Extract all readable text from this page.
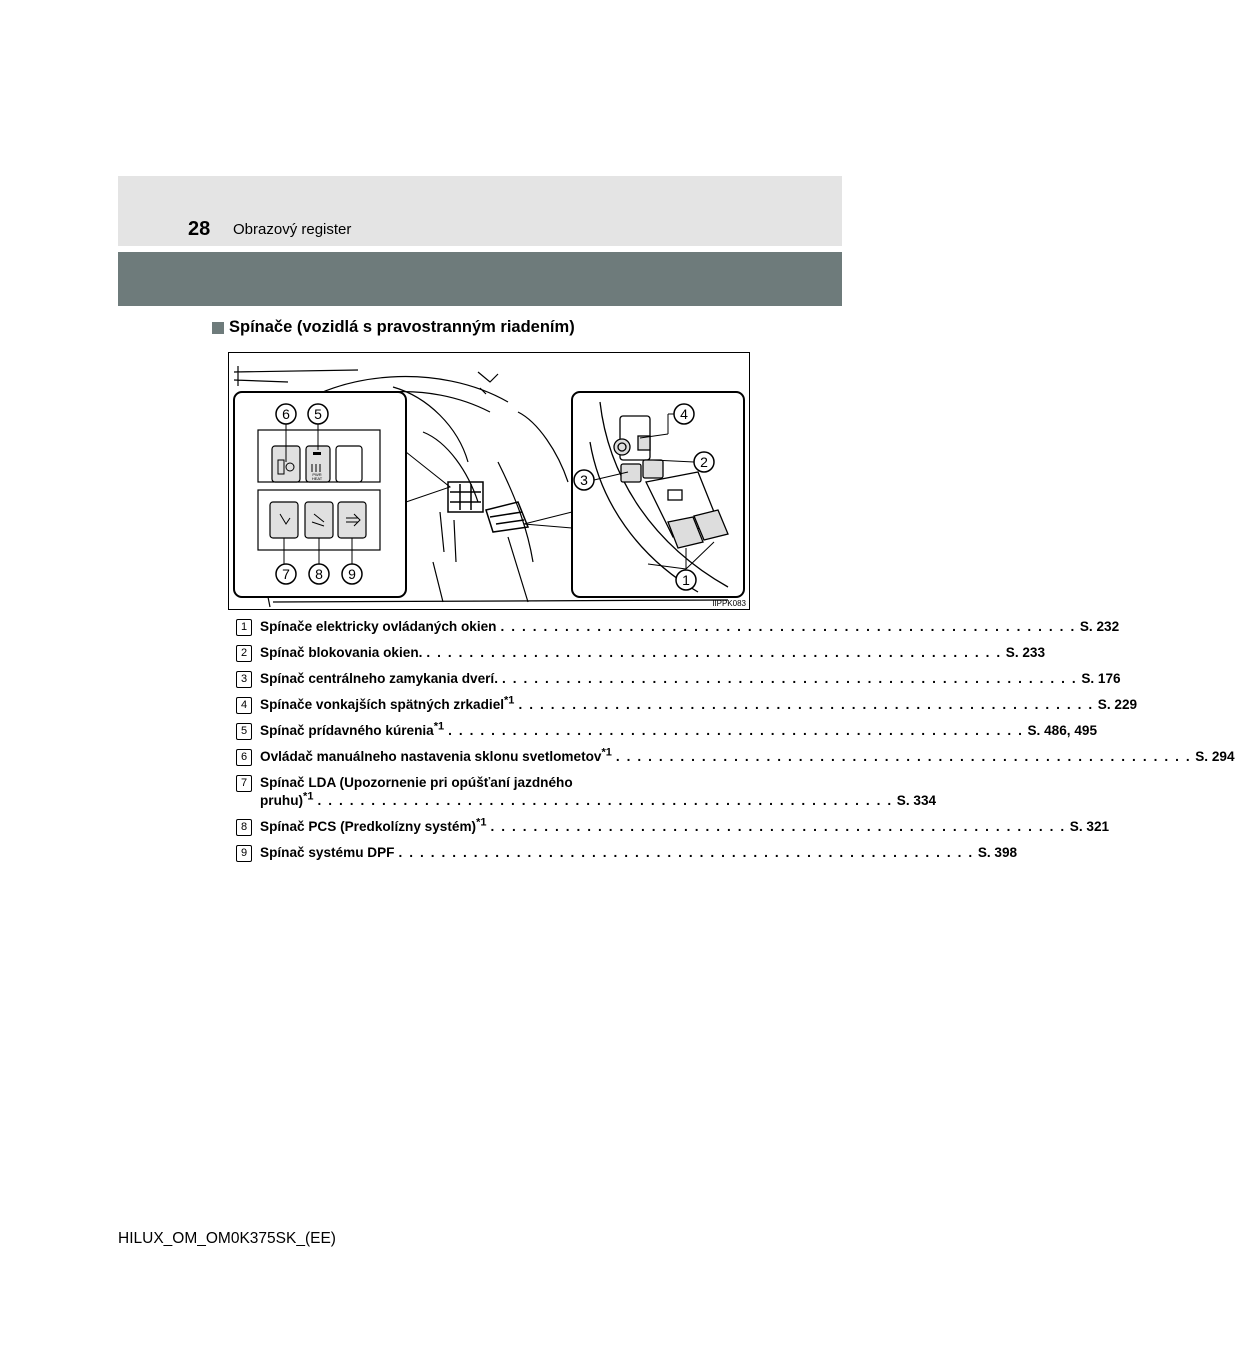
28 Obrazový register
Spínače (vozidlá s pravostranným riadením)
PWR
HEAT
6 5
7 8 9
4
2
3
1
IIPPK083
1 Spínače elektricky ovládaných okien . . . . . . . . . . . . . . . . . . . . . . . . . . . . . . . . . . . . . . . . . . . . . . . . . . . . . . S. 232
2 Spínač blokovania okien. . . . . . . . . . . . . . . . . . . . . . . . . . . . . . . . . . . . . . . . . . . . . . . . . . . . . . . S. 233
3 Spínač centrálneho zamykania dverí. . . . . . . . . . . . . . . . . . . . . . . . . . . . . . . . . . . . . . . . . . . . . . . . . . . . . . . S. 176
4 Spínače vonkajších spätných zrkadiel$^{*1}$ . . . . . . . . . . . . . . . . . . . . . . . . . . . . . . . . . . . . . . . . . . . . . . . . . . . . . . S. 229
5 Spínač prídavného kúrenia$^{*1}$ . . . . . . . . . . . . . . . . . . . . . . . . . . . . . . . . . . . . . . . . . . . . . . . . . . . . . . S. 486, 495
6 Ovládač manuálneho nastavenia sklonu svetlometov$^{*1}$ . . . . . . . . . . . . . . . . . . . . . . . . . . . . . . . . . . . . . . . . . . . . . . . . . . . . . . S. 294
7 Spínač LDA (Upozornenie pri opúšťaní jazdného
pruhu)$^{*1}$ . . . . . . . . . . . . . . . . . . . . . . . . . . . . . . . . . . . . . . . . . . . . . . . . . . . . . . S. 334
8 Spínač PCS (Predkolízny systém)$^{*1}$ . . . . . . . . . . . . . . . . . . . . . . . . . . . . . . . . . . . . . . . . . . . . . . . . . . . . . . S. 321
9 Spínač systému DPF . . . . . . . . . . . . . . . . . . . . . . . . . . . . . . . . . . . . . . . . . . . . . . . . . . . . . . S. 398
HILUX_OM_OM0K375SK_(EE)
